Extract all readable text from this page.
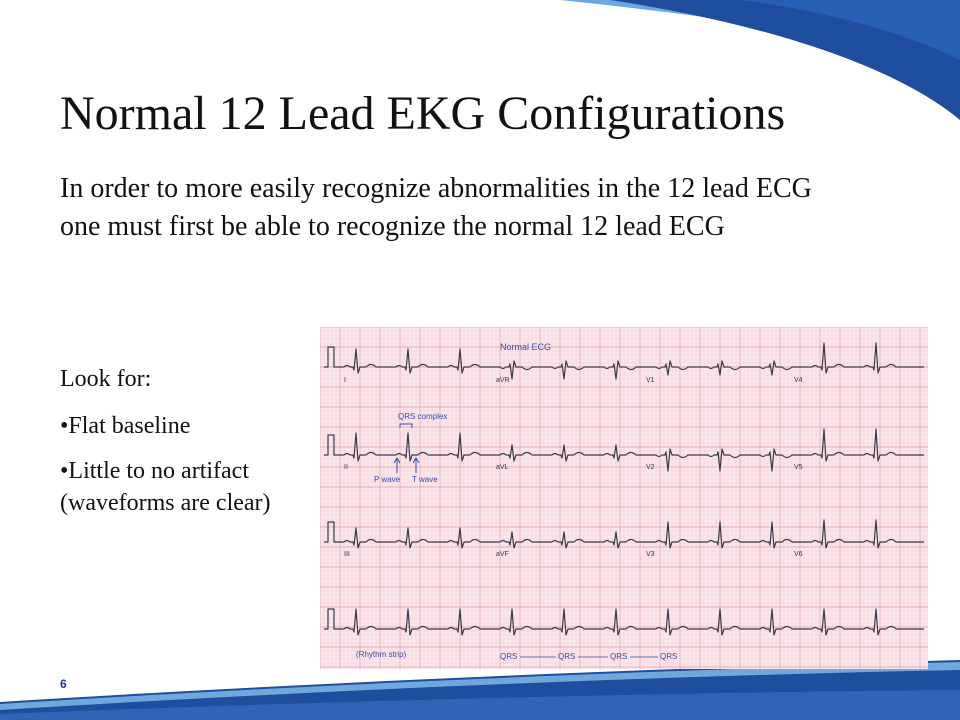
Normal 12 Lead EKG Configurations
In order to more easily recognize abnormalities in the 12 lead ECG one must first be able to recognize the normal 12 lead ECG
Look for:
•Flat baseline
•Little to no artifact (waveforms are clear)
Normal ECG
I	aVR	V1	V4
II	aVL	V2	V5
III	aVF	V3	V6
(Rhythm strip)
QRS complex
P wave T wave
QRS	QRS	QRS	QRS
6
